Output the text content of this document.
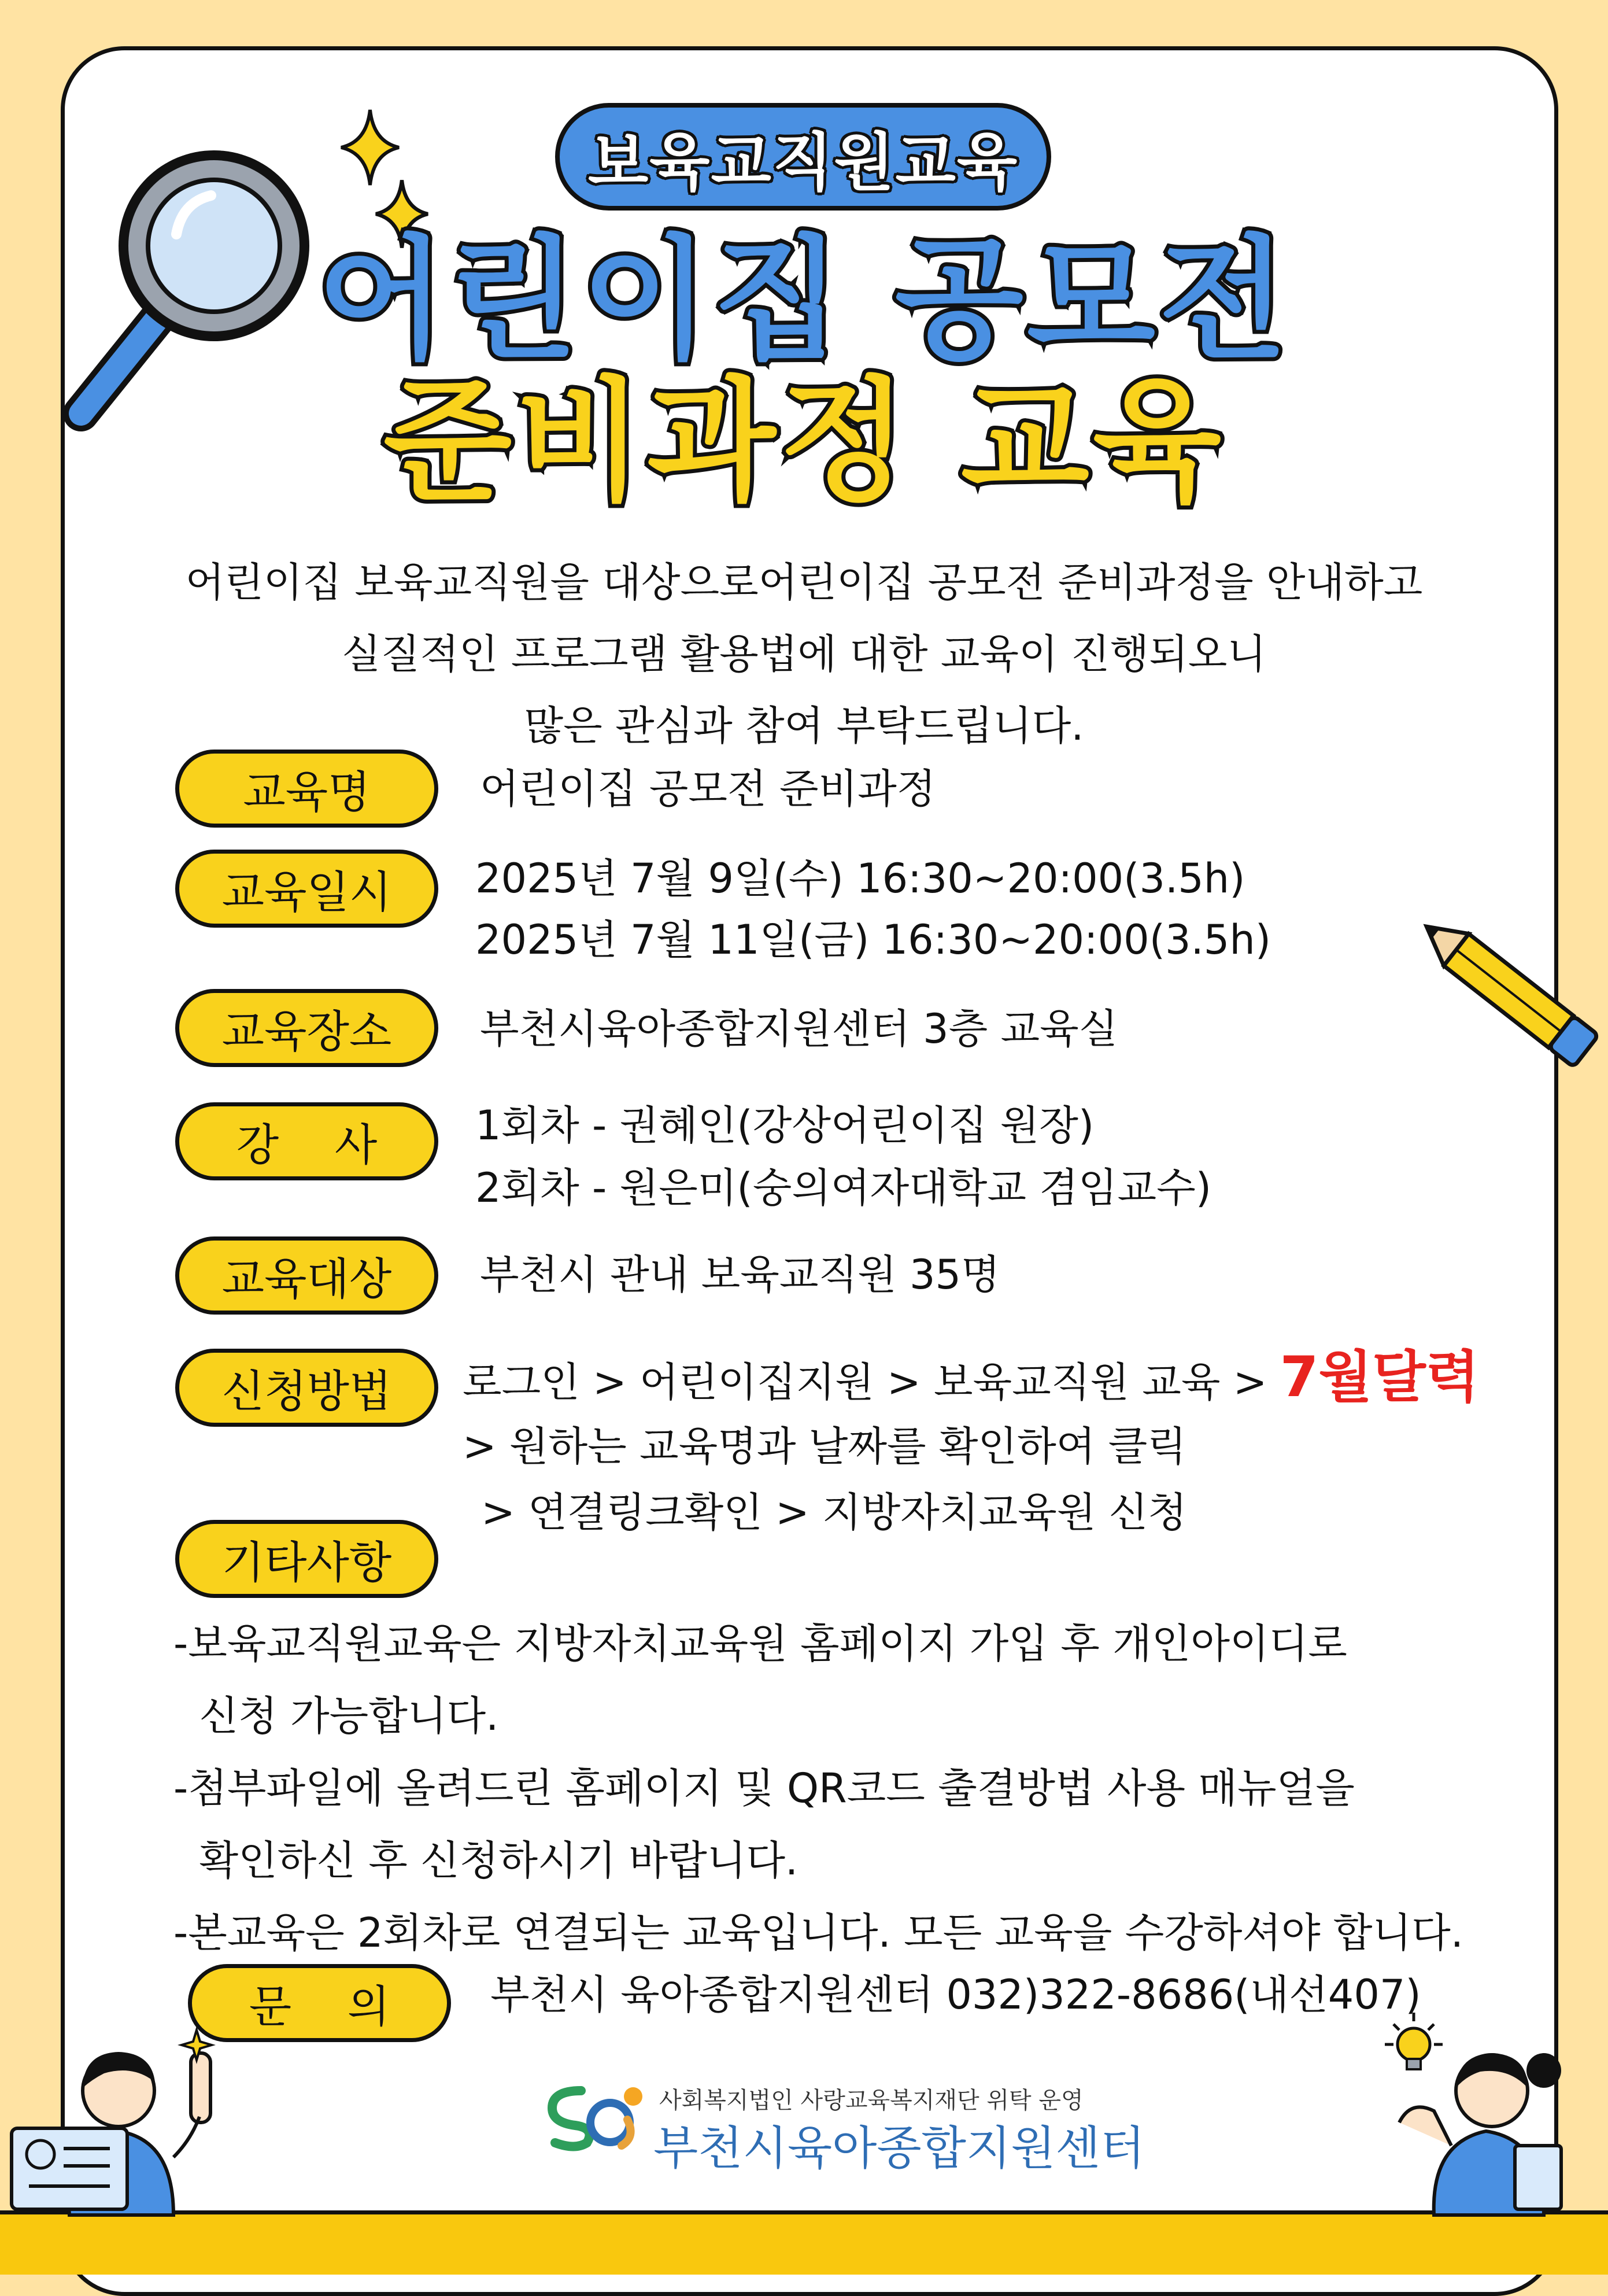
보육교직원교육
어린이집 공모전
준비과정 교육
어린이집 보육교직원을 대상으로어린이집 공모전 준비과정을 안내하고
실질적인 프로그램 활용법에 대한 교육이 진행되오니
많은 관심과 참여 부탁드립니다.
교육명	어린이집 공모전 준비과정
교육일시	2025년 7월 9일(수) 16:30~20:00(3.5h)
2025년 7월 11일(금) 16:30~20:00(3.5h)
교육장소	부천시육아종합지원센터 3층 교육실
강    사	1회차 - 권혜인(강상어린이집 원장)
2회차 - 원은미(숭의여자대학교 겸임교수)
교육대상	부천시 관내 보육교직원 35명
신청방법	로그인 > 어린이집지원 > 보육교직원 교육 > 7월달력
> 원하는 교육명과 날짜를 확인하여 클릭
> 연결링크확인 > 지방자치교육원 신청
기타사항
-보육교직원교육은 지방자치교육원 홈페이지 가입 후 개인아이디로
신청 가능합니다.
-첨부파일에 올려드린 홈페이지 및 QR코드 출결방법 사용 매뉴얼을
확인하신 후 신청하시기 바랍니다.
-본교육은 2회차로 연결되는 교육입니다. 모든 교육을 수강하셔야 합니다.
문    의	부천시 육아종합지원센터 032)322-8686(내선407)
사회복지법인 사랑교육복지재단 위탁 운영
부천시육아종합지원센터
